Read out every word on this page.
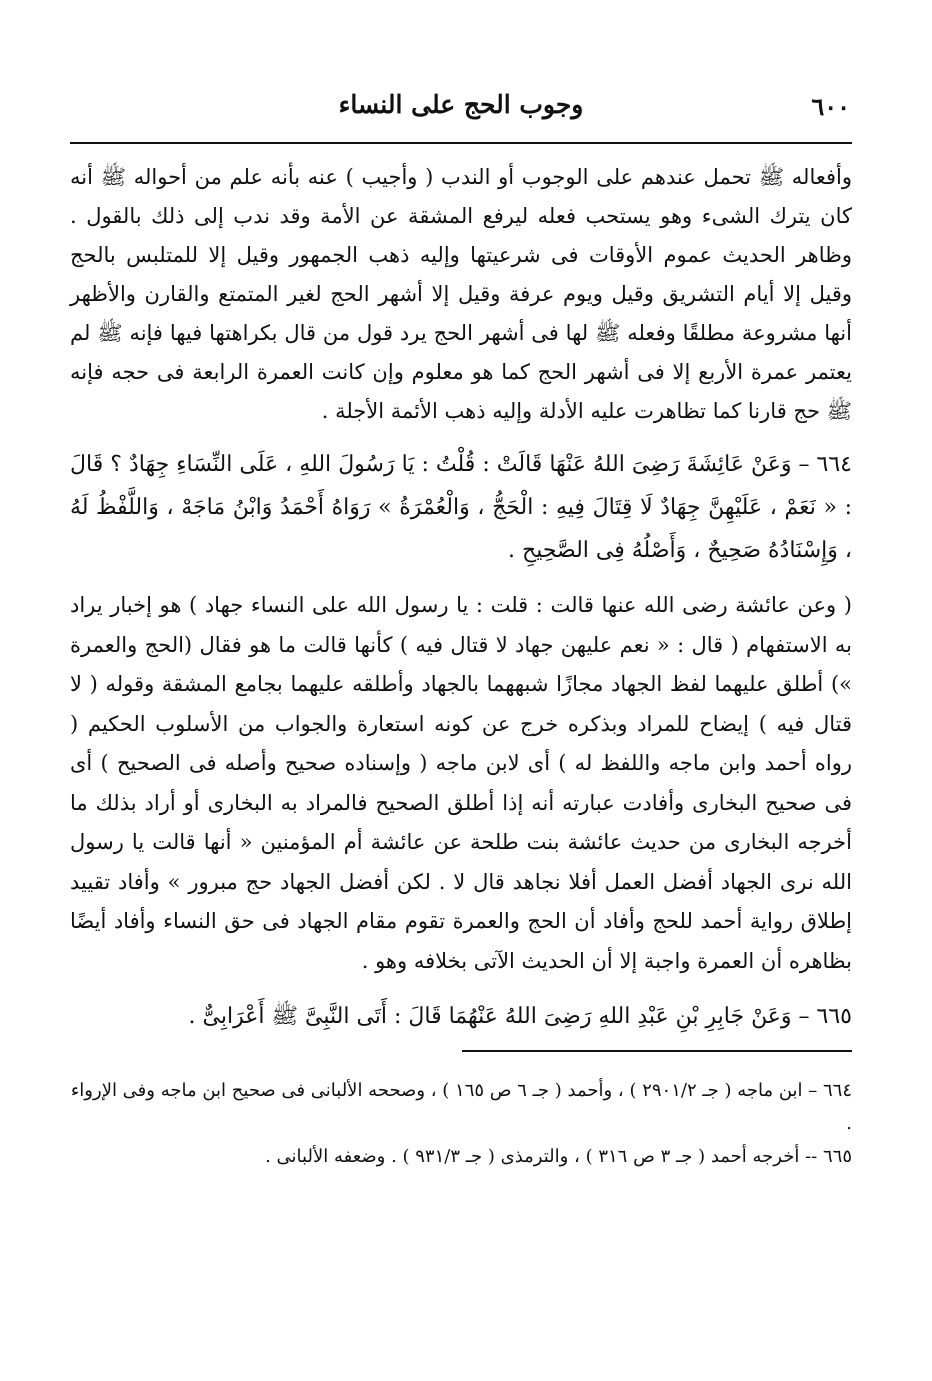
٦٠٠
وجوب الحج على النساء

وأفعاله ﷺ تحمل عندهم على الوجوب أو الندب ( وأجيب ) عنه بأنه علم من أحواله ﷺ أنه كان يترك الشىء وهو يستحب فعله ليرفع المشقة عن الأمة وقد ندب إلى ذلك بالقول . وظاهر الحديث عموم الأوقات فى شرعيتها وإليه ذهب الجمهور وقيل إلا للمتلبس بالحج وقيل إلا أيام التشريق وقيل ويوم عرفة وقيل إلا أشهر الحج لغير المتمتع والقارن والأظهر أنها مشروعة مطلقًا وفعله ﷺ لها فى أشهر الحج يرد قول من قال بكراهتها فيها فإنه ﷺ لم يعتمر عمرة الأربع إلا فى أشهر الحج كما هو معلوم وإن كانت العمرة الرابعة فى حجه فإنه ﷺ حج قارنا كما تظاهرت عليه الأدلة وإليه ذهب الأئمة الأجلة .

٦٦٤ – وَعَنْ عَائِشَةَ رَضِىَ اللهُ عَنْهَا قَالَتْ : قُلْتُ : يَا رَسُولَ اللهِ ، عَلَى النِّسَاءِ جِهَادٌ ؟ قَالَ : « نَعَمْ ، عَلَيْهِنَّ جِهَادٌ لَا قِتَالَ فِيهِ : الْحَجُّ ، وَالْعُمْرَةُ » رَوَاهُ أَحْمَدُ وَابْنُ مَاجَهْ ، وَاللَّفْظُ لَهُ ، وَإِسْنَادُهُ صَحِيحٌ ، وَأَصْلُهُ فِى الصَّحِيحِ .

( وعن عائشة رضى الله عنها قالت : قلت : يا رسول الله على النساء جهاد ) هو إخبار يراد به الاستفهام ( قال : « نعم عليهن جهاد لا قتال فيه ) كأنها قالت ما هو فقال (الحج والعمرة ») أطلق عليهما لفظ الجهاد مجازًا شبههما بالجهاد وأطلقه عليهما بجامع المشقة وقوله ( لا قتال فيه ) إيضاح للمراد وبذكره خرج عن كونه استعارة والجواب من الأسلوب الحكيم ( رواه أحمد وابن ماجه واللفظ له ) أى لابن ماجه ( وإسناده صحيح وأصله فى الصحيح ) أى فى صحيح البخارى وأفادت عبارته أنه إذا أطلق الصحيح فالمراد به البخارى أو أراد بذلك ما أخرجه البخارى من حديث عائشة بنت طلحة عن عائشة أم المؤمنين « أنها قالت يا رسول الله نرى الجهاد أفضل العمل أفلا نجاهد قال لا . لكن أفضل الجهاد حج مبرور » وأفاد تقييد إطلاق رواية أحمد للحج وأفاد أن الحج والعمرة تقوم مقام الجهاد فى حق النساء وأفاد أيضًا بظاهره أن العمرة واجبة إلا أن الحديث الآتى بخلافه وهو .

٦٦٥ – وَعَنْ جَابِرِ بْنِ عَبْدِ اللهِ رَضِىَ اللهُ عَنْهُمَا قَالَ : أَتَى النَّبِىَّ ﷺ أَعْرَابِىٌّ .

٦٦٤ – ابن ماجه ( جـ ٢٩٠١/٢ ) ، وأحمد ( جـ ٦ ص ١٦٥ ) ، وصححه الألبانى فى صحيح ابن ماجه وفى الإرواء .

٦٦٥ -- أخرجه أحمد ( جـ ٣ ص ٣١٦ ) ، والترمذى ( جـ ٩٣١/٣ ) . وضعفه الألبانى .
